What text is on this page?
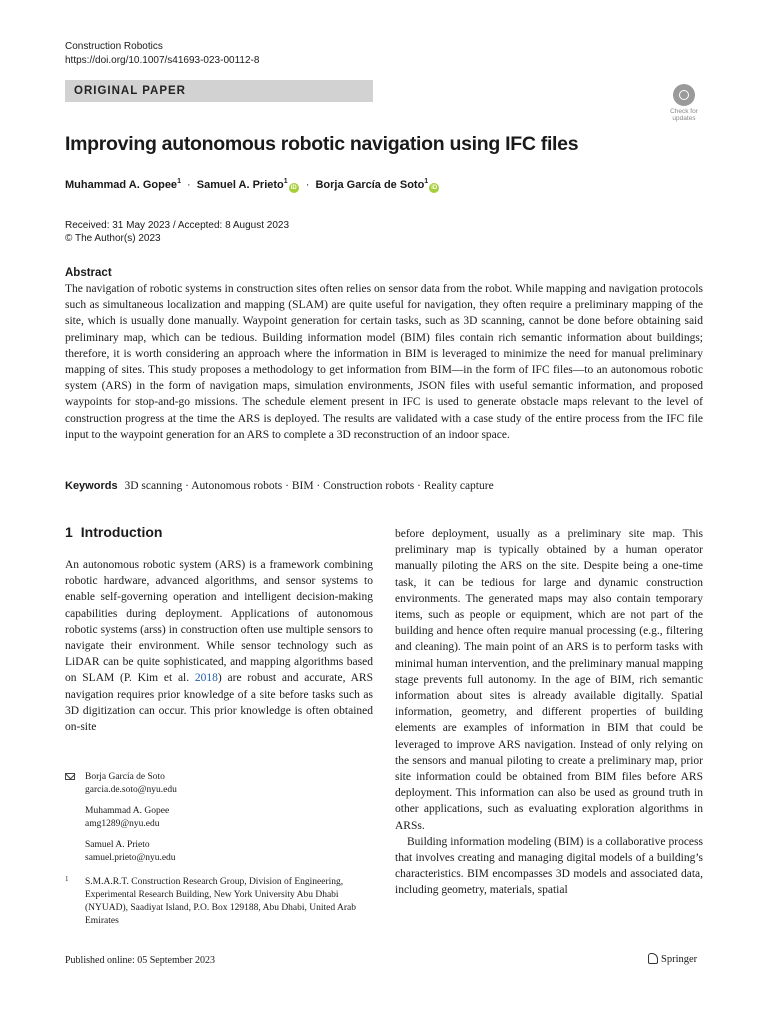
Construction Robotics
https://doi.org/10.1007/s41693-023-00112-8
ORIGINAL PAPER
Check for updates
Improving autonomous robotic navigation using IFC files
Muhammad A. Gopee$^1$ · Samuel A. Prieto$^1$iD · Borja García de Soto$^1$iD
Received: 31 May 2023 / Accepted: 8 August 2023
© The Author(s) 2023
Abstract
The navigation of robotic systems in construction sites often relies on sensor data from the robot. While mapping and navigation protocols such as simultaneous localization and mapping (SLAM) are quite useful for navigation, they often require a preliminary mapping of the site, which is usually done manually. Waypoint generation for certain tasks, such as 3D scanning, cannot be done before obtaining said preliminary map, which can be tedious. Building information model (BIM) files contain rich semantic information about buildings; therefore, it is worth considering an approach where the information in BIM is leveraged to minimize the need for manual preliminary mapping of sites. This study proposes a methodology to get information from BIM—in the form of IFC files—to an autonomous robotic system (ARS) in the form of navigation maps, simulation environments, JSON files with useful semantic information, and proposed waypoints for stop-and-go missions. The schedule element present in IFC is used to generate obstacle maps relevant to the level of construction progress at the time the ARS is deployed. The results are validated with a case study of the entire process from the IFC file input to the waypoint generation for an ARS to complete a 3D reconstruction of an indoor space.
Keywords 3D scanning · Autonomous robots · BIM · Construction robots · Reality capture
1 Introduction
An autonomous robotic system (ARS) is a framework combining robotic hardware, advanced algorithms, and sensor systems to enable self-governing operation and intelligent decision-making capabilities during deployment. Applications of autonomous robotic systems (arss) in construction often use multiple sensors to navigate their environment. While sensor technology such as LiDAR can be quite sophisticated, and mapping algorithms based on SLAM (P. Kim et al. 2018) are robust and accurate, ARS navigation requires prior knowledge of a site before tasks such as 3D digitization can occur. This prior knowledge is often obtained on-site
before deployment, usually as a preliminary site map. This preliminary map is typically obtained by a human operator manually piloting the ARS on the site. Despite being a one-time task, it can be tedious for large and dynamic construction environments. The generated maps may also contain temporary items, such as people or equipment, which are not part of the building and hence often require manual processing (e.g., filtering and cleaning). The main point of an ARS is to perform tasks with minimal human intervention, and the preliminary manual mapping stage prevents full autonomy. In the age of BIM, rich semantic information about sites is already available digitally. Spatial information, geometry, and different properties of building elements are examples of information in BIM that could be leveraged to improve ARS navigation. Instead of only relying on the sensors and manual piloting to create a preliminary map, prior site information could be obtained from BIM files before ARS deployment. This information can also be used as ground truth in other applications, such as evaluating exploration algorithms in ARSs.
Building information modeling (BIM) is a collaborative process that involves creating and managing digital models of a building’s characteristics. BIM encompasses 3D models and associated data, including geometry, materials, spatial
Borja García de Soto
garcia.de.soto@nyu.edu
Muhammad A. Gopee
amg1289@nyu.edu
Samuel A. Prieto
samuel.prieto@nyu.edu
1	S.M.A.R.T. Construction Research Group, Division of Engineering, Experimental Research Building, New York University Abu Dhabi (NYUAD), Saadiyat Island, P.O. Box 129188, Abu Dhabi, United Arab Emirates
Published online: 05 September 2023	Springer
